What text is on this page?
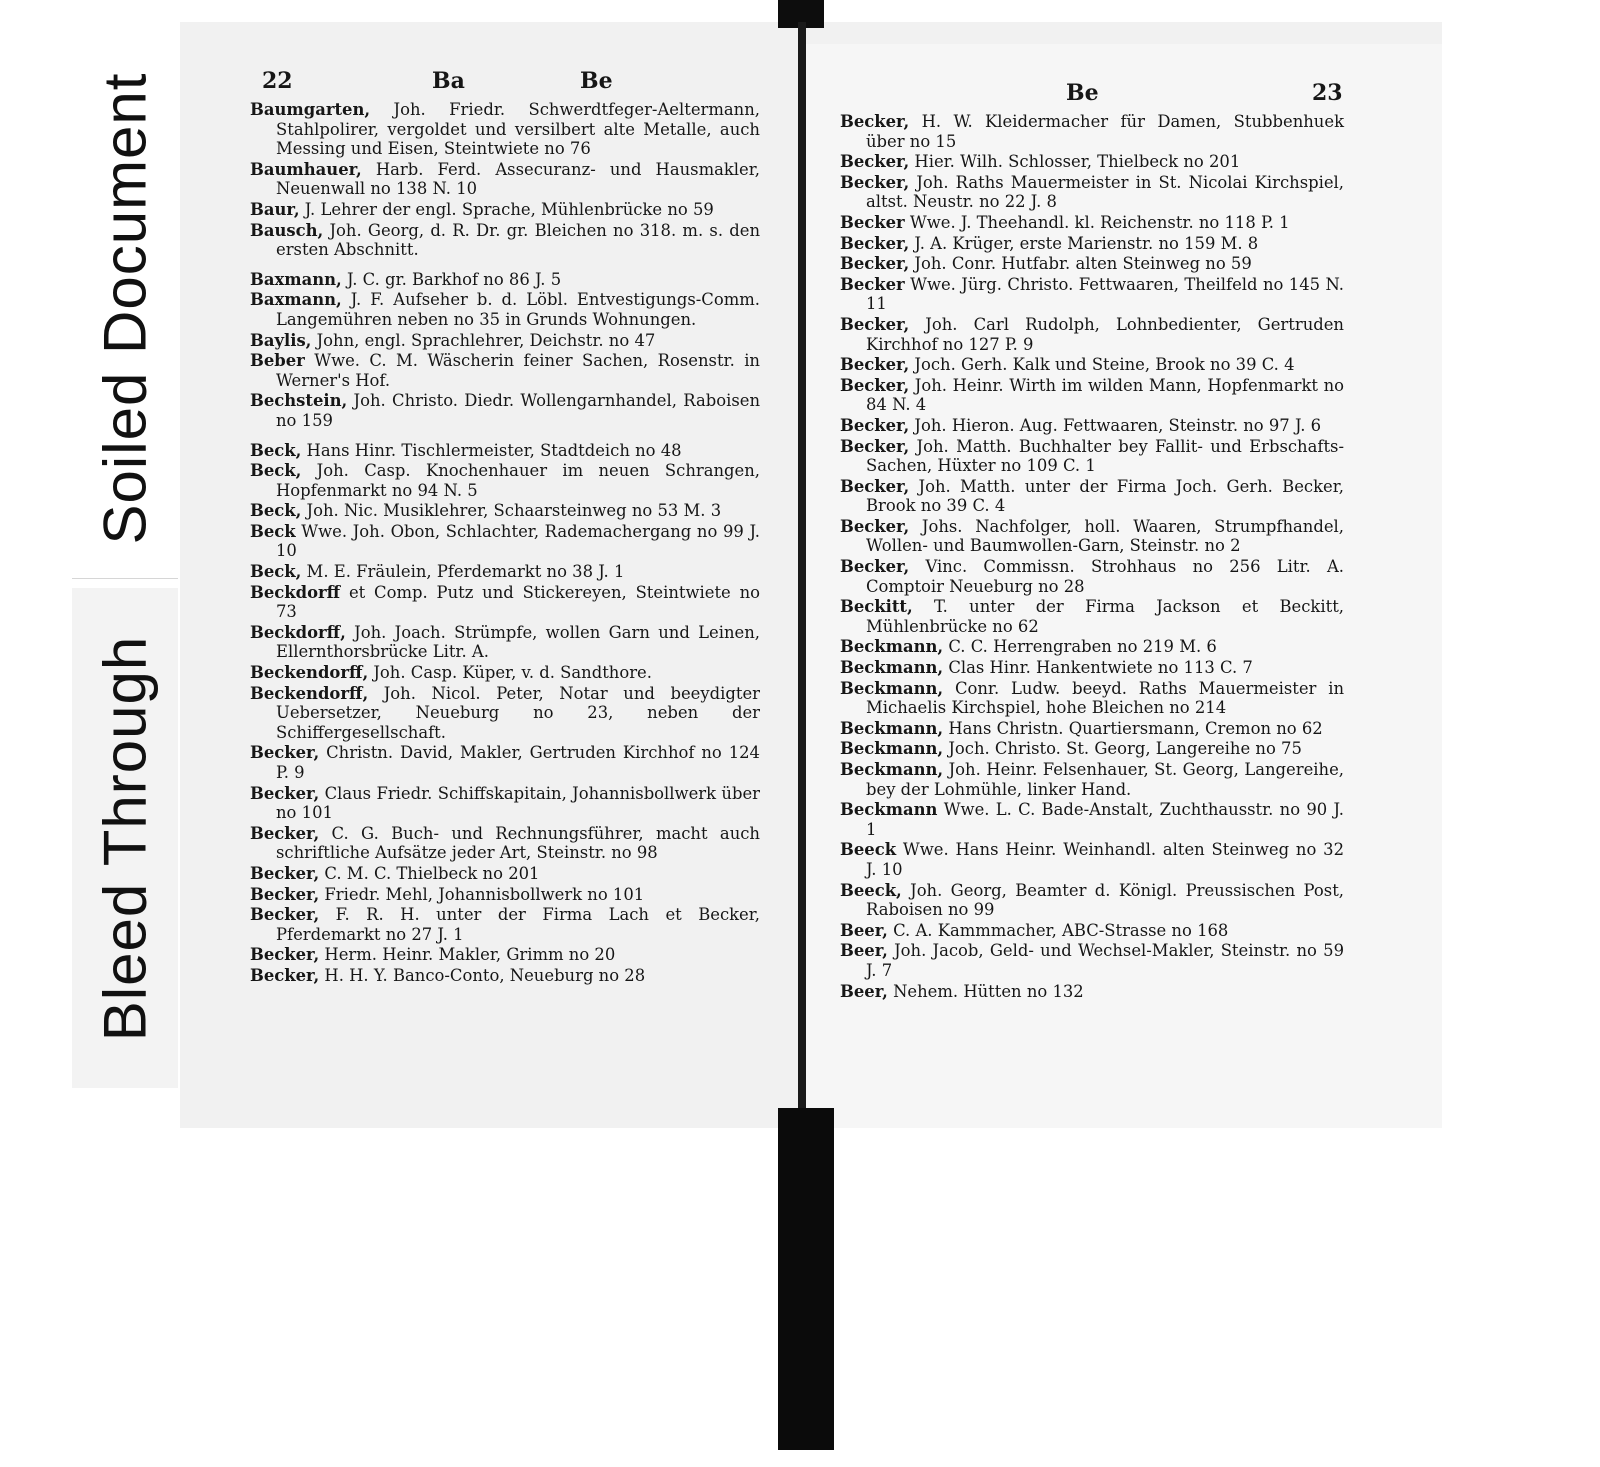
Soiled Document
Bleed Through
22	Ba	Be

Baumgarten, Joh. Friedr. Schwerdtfeger-Aeltermann, Stahlpolirer, vergoldet und versilbert alte Metalle, auch Messing und Eisen, Steintwiete no 76

Baumhauer, Harb. Ferd. Assecuranz- und Hausmakler, Neuenwall no 138 N. 10

Baur, J. Lehrer der engl. Sprache, Mühlenbrücke no 59

Bausch, Joh. Georg, d. R. Dr. gr. Bleichen no 318. m. s. den ersten Abschnitt.

Baxmann, J. C. gr. Barkhof no 86 J. 5

Baxmann, J. F. Aufseher b. d. Löbl. Entvestigungs-Comm. Langemühren neben no 35 in Grunds Wohnungen.

Baylis, John, engl. Sprachlehrer, Deichstr. no 47

Beber Wwe. C. M. Wäscherin feiner Sachen, Rosenstr. in Werner's Hof.

Bechstein, Joh. Christo. Diedr. Wollengarnhandel, Raboisen no 159

Beck, Hans Hinr. Tischlermeister, Stadtdeich no 48

Beck, Joh. Casp. Knochenhauer im neuen Schrangen, Hopfenmarkt no 94 N. 5

Beck, Joh. Nic. Musiklehrer, Schaarsteinweg no 53 M. 3

Beck Wwe. Joh. Obon, Schlachter, Rademachergang no 99 J. 10

Beck, M. E. Fräulein, Pferdemarkt no 38 J. 1

Beckdorff et Comp. Putz und Stickereyen, Steintwiete no 73

Beckdorff, Joh. Joach. Strümpfe, wollen Garn und Leinen, Ellernthorsbrücke Litr. A.

Beckendorff, Joh. Casp. Küper, v. d. Sandthore.

Beckendorff, Joh. Nicol. Peter, Notar und beeydigter Uebersetzer, Neueburg no 23, neben der Schiffergesellschaft.

Becker, Christn. David, Makler, Gertruden Kirchhof no 124 P. 9

Becker, Claus Friedr. Schiffskapitain, Johannisbollwerk über no 101

Becker, C. G. Buch- und Rechnungsführer, macht auch schriftliche Aufsätze jeder Art, Steinstr. no 98

Becker, C. M. C. Thielbeck no 201

Becker, Friedr. Mehl, Johannisbollwerk no 101

Becker, F. R. H. unter der Firma Lach et Becker, Pferdemarkt no 27 J. 1

Becker, Herm. Heinr. Makler, Grimm no 20

Becker, H. H. Y. Banco-Conto, Neueburg no 28

Be	23

Becker, H. W. Kleidermacher für Damen, Stubbenhuek über no 15

Becker, Hier. Wilh. Schlosser, Thielbeck no 201

Becker, Joh. Raths Mauermeister in St. Nicolai Kirchspiel, altst. Neustr. no 22 J. 8

Becker Wwe. J. Theehandl. kl. Reichenstr. no 118 P. 1

Becker, J. A. Krüger, erste Marienstr. no 159 M. 8

Becker, Joh. Conr. Hutfabr. alten Steinweg no 59

Becker Wwe. Jürg. Christo. Fettwaaren, Theilfeld no 145 N. 11

Becker, Joh. Carl Rudolph, Lohnbedienter, Gertruden Kirchhof no 127 P. 9

Becker, Joch. Gerh. Kalk und Steine, Brook no 39 C. 4

Becker, Joh. Heinr. Wirth im wilden Mann, Hopfenmarkt no 84 N. 4

Becker, Joh. Hieron. Aug. Fettwaaren, Steinstr. no 97 J. 6

Becker, Joh. Matth. Buchhalter bey Fallit- und Erbschafts-Sachen, Hüxter no 109 C. 1

Becker, Joh. Matth. unter der Firma Joch. Gerh. Becker, Brook no 39 C. 4

Becker, Johs. Nachfolger, holl. Waaren, Strumpfhandel, Wollen- und Baumwollen-Garn, Steinstr. no 2

Becker, Vinc. Commissn. Strohhaus no 256 Litr. A. Comptoir Neueburg no 28

Beckitt, T. unter der Firma Jackson et Beckitt, Mühlenbrücke no 62

Beckmann, C. C. Herrengraben no 219 M. 6

Beckmann, Clas Hinr. Hankentwiete no 113 C. 7

Beckmann, Conr. Ludw. beeyd. Raths Mauermeister in Michaelis Kirchspiel, hohe Bleichen no 214

Beckmann, Hans Christn. Quartiersmann, Cremon no 62

Beckmann, Joch. Christo. St. Georg, Langereihe no 75

Beckmann, Joh. Heinr. Felsenhauer, St. Georg, Langereihe, bey der Lohmühle, linker Hand.

Beckmann Wwe. L. C. Bade-Anstalt, Zuchthausstr. no 90 J. 1

Beeck Wwe. Hans Heinr. Weinhandl. alten Steinweg no 32 J. 10

Beeck, Joh. Georg, Beamter d. Königl. Preussischen Post, Raboisen no 99

Beer, C. A. Kammmacher, ABC-Strasse no 168

Beer, Joh. Jacob, Geld- und Wechsel-Makler, Steinstr. no 59 J. 7

Beer, Nehem. Hütten no 132
